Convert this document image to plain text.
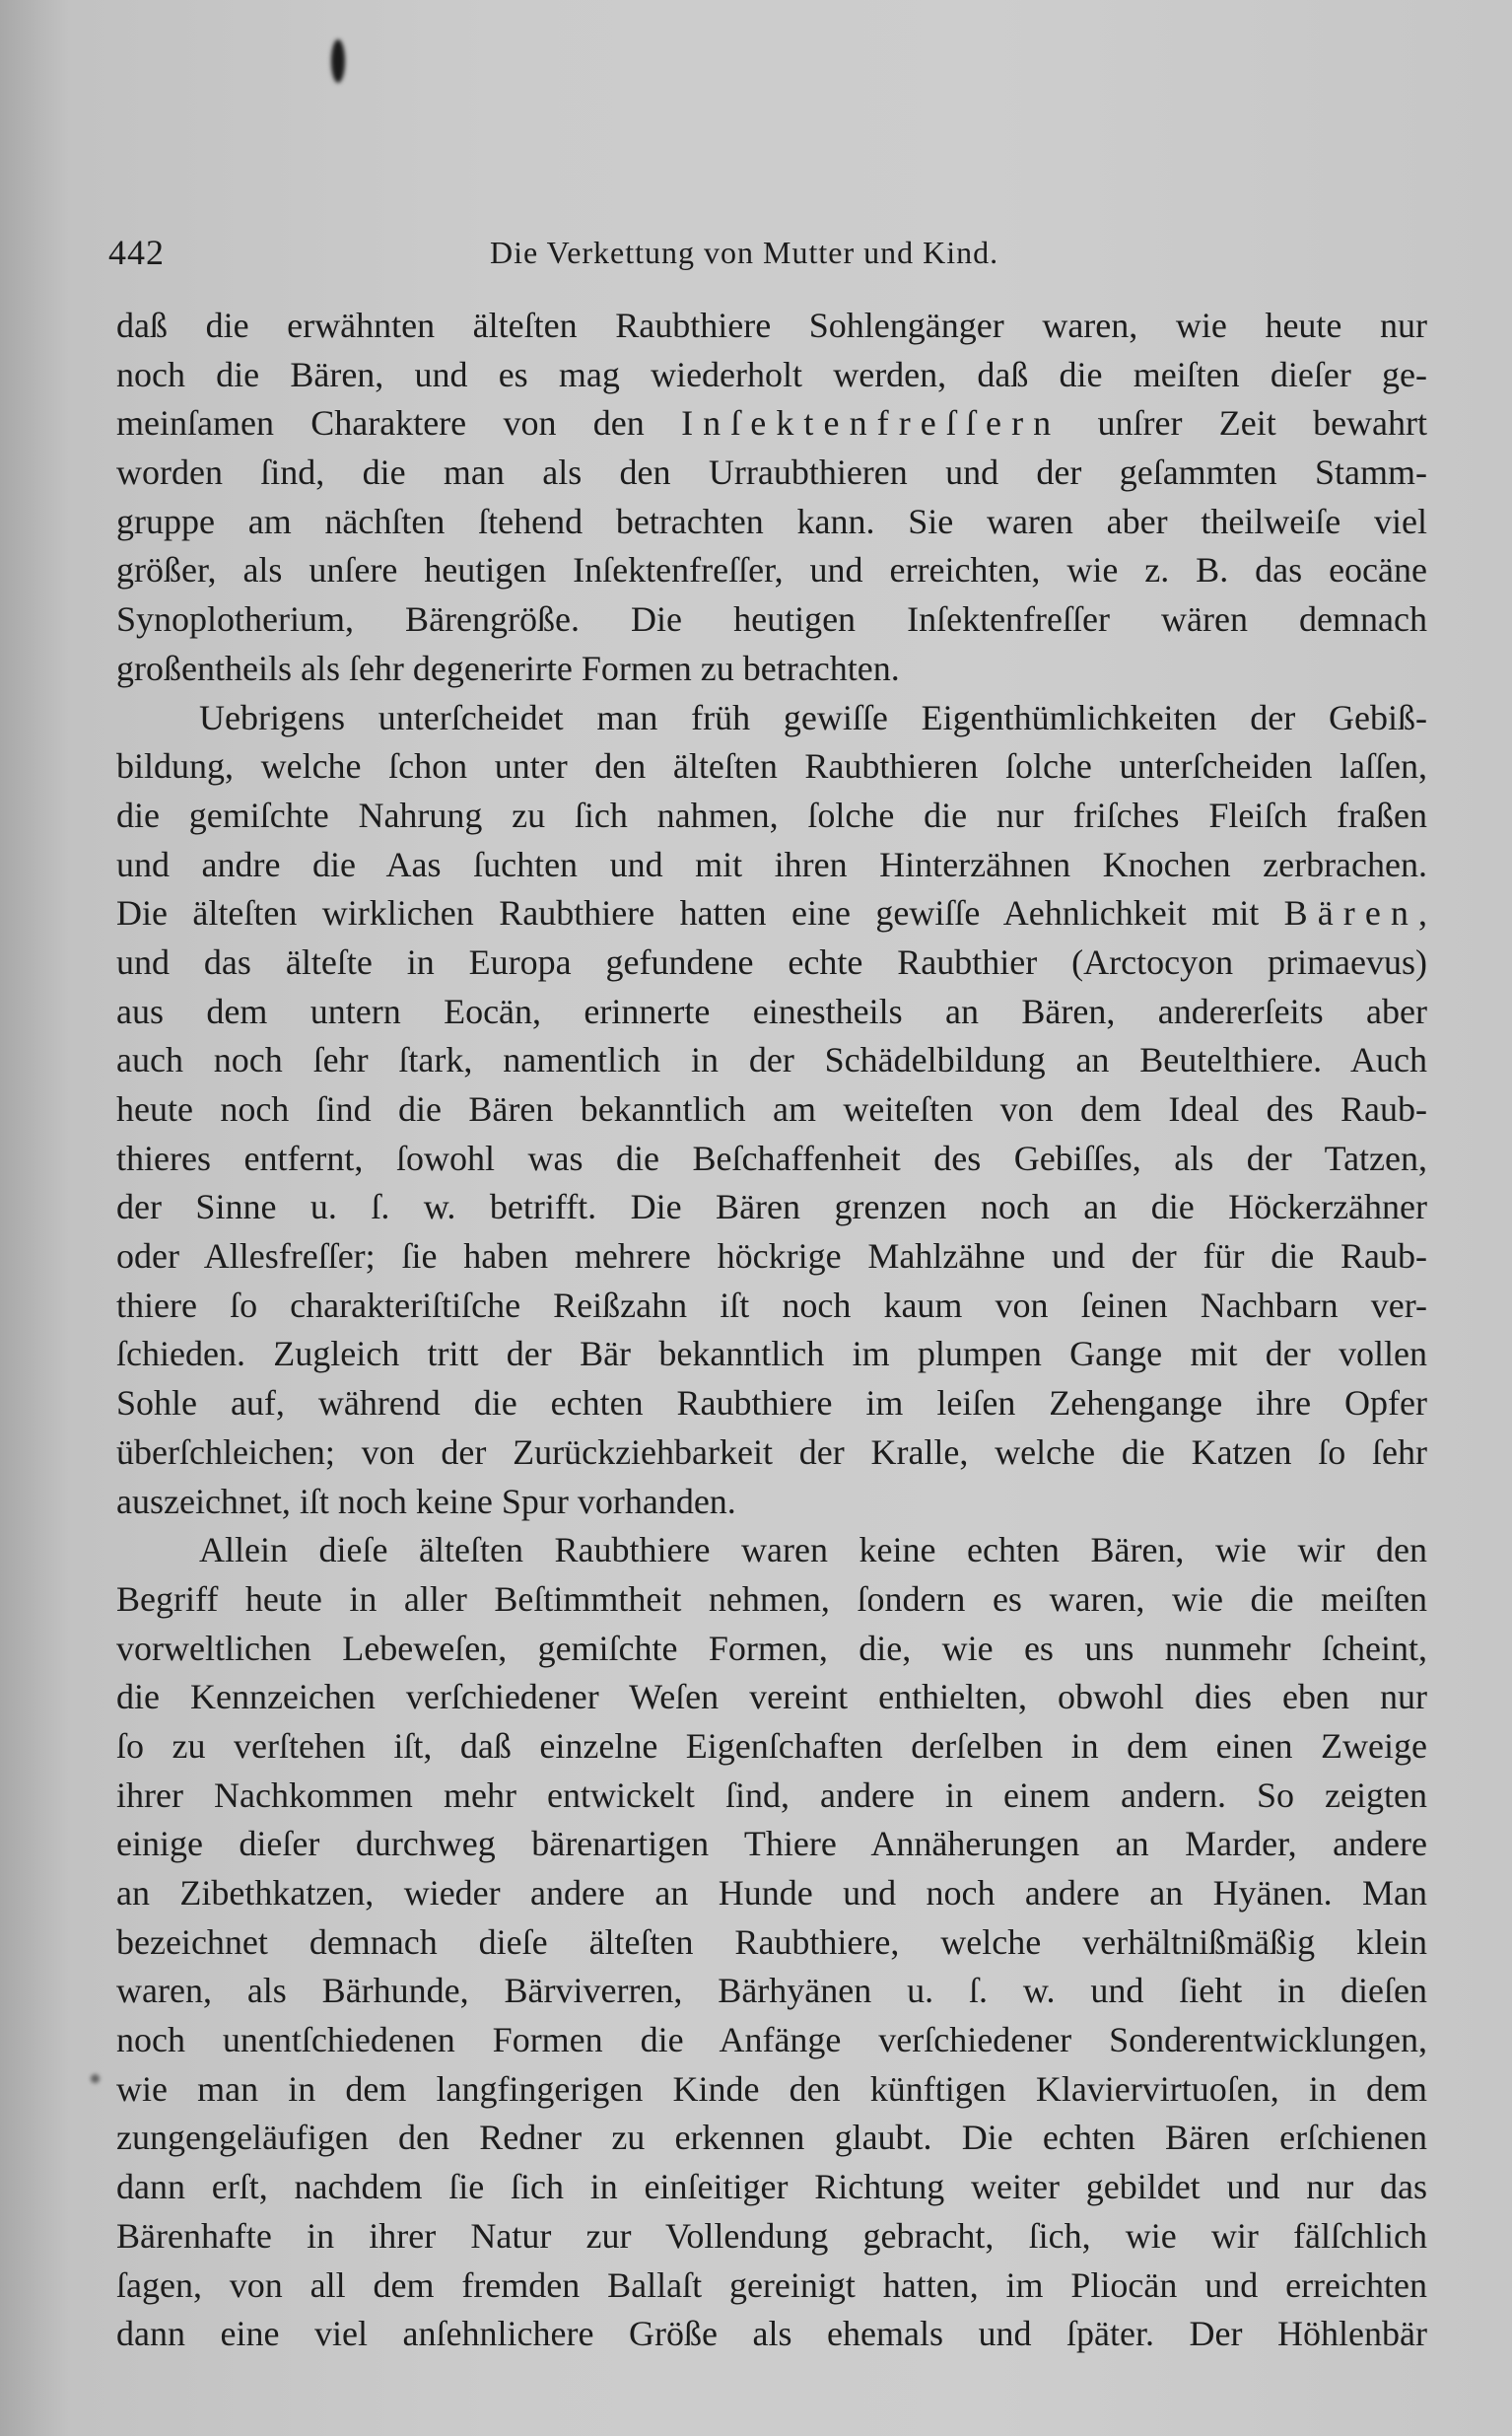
442	Die Verkettung von Mutter und Kind.
daß die erwähnten älteſten Raubthiere Sohlengänger waren, wie heute nur
noch die Bären, und es mag wiederholt werden, daß die meiſten dieſer ge-
meinſamen Charaktere von den Inſektenfreſſern unſrer Zeit bewahrt
worden ſind, die man als den Urraubthieren und der geſammten Stamm-
gruppe am nächſten ſtehend betrachten kann. Sie waren aber theilweiſe viel
größer, als unſere heutigen Inſektenfreſſer, und erreichten, wie z. B. das eocäne
Synoplotherium, Bärengröße. Die heutigen Inſektenfreſſer wären demnach
großentheils als ſehr degenerirte Formen zu betrachten.
Uebrigens unterſcheidet man früh gewiſſe Eigenthümlichkeiten der Gebiß-
bildung, welche ſchon unter den älteſten Raubthieren ſolche unterſcheiden laſſen,
die gemiſchte Nahrung zu ſich nahmen, ſolche die nur friſches Fleiſch fraßen
und andre die Aas ſuchten und mit ihren Hinterzähnen Knochen zerbrachen.
Die älteſten wirklichen Raubthiere hatten eine gewiſſe Aehnlichkeit mit Bären,
und das älteſte in Europa gefundene echte Raubthier (Arctocyon primaevus)
aus dem untern Eocän, erinnerte einestheils an Bären, andererſeits aber
auch noch ſehr ſtark, namentlich in der Schädelbildung an Beutelthiere. Auch
heute noch ſind die Bären bekanntlich am weiteſten von dem Ideal des Raub-
thieres entfernt, ſowohl was die Beſchaffenheit des Gebiſſes, als der Tatzen,
der Sinne u. ſ. w. betrifft. Die Bären grenzen noch an die Höckerzähner
oder Allesfreſſer; ſie haben mehrere höckrige Mahlzähne und der für die Raub-
thiere ſo charakteriſtiſche Reißzahn iſt noch kaum von ſeinen Nachbarn ver-
ſchieden. Zugleich tritt der Bär bekanntlich im plumpen Gange mit der vollen
Sohle auf, während die echten Raubthiere im leiſen Zehengange ihre Opfer
überſchleichen; von der Zurückziehbarkeit der Kralle, welche die Katzen ſo ſehr
auszeichnet, iſt noch keine Spur vorhanden.
Allein dieſe älteſten Raubthiere waren keine echten Bären, wie wir den
Begriff heute in aller Beſtimmtheit nehmen, ſondern es waren, wie die meiſten
vorweltlichen Lebeweſen, gemiſchte Formen, die, wie es uns nunmehr ſcheint,
die Kennzeichen verſchiedener Weſen vereint enthielten, obwohl dies eben nur
ſo zu verſtehen iſt, daß einzelne Eigenſchaften derſelben in dem einen Zweige
ihrer Nachkommen mehr entwickelt ſind, andere in einem andern. So zeigten
einige dieſer durchweg bärenartigen Thiere Annäherungen an Marder, andere
an Zibethkatzen, wieder andere an Hunde und noch andere an Hyänen. Man
bezeichnet demnach dieſe älteſten Raubthiere, welche verhältnißmäßig klein
waren, als Bärhunde, Bärviverren, Bärhyänen u. ſ. w. und ſieht in dieſen
noch unentſchiedenen Formen die Anfänge verſchiedener Sonderentwicklungen,
wie man in dem langfingerigen Kinde den künftigen Klaviervirtuoſen, in dem
zungengeläufigen den Redner zu erkennen glaubt. Die echten Bären erſchienen
dann erſt, nachdem ſie ſich in einſeitiger Richtung weiter gebildet und nur das
Bärenhafte in ihrer Natur zur Vollendung gebracht, ſich, wie wir fälſchlich
ſagen, von all dem fremden Ballaſt gereinigt hatten, im Pliocän und erreichten
dann eine viel anſehnlichere Größe als ehemals und ſpäter. Der Höhlenbär
